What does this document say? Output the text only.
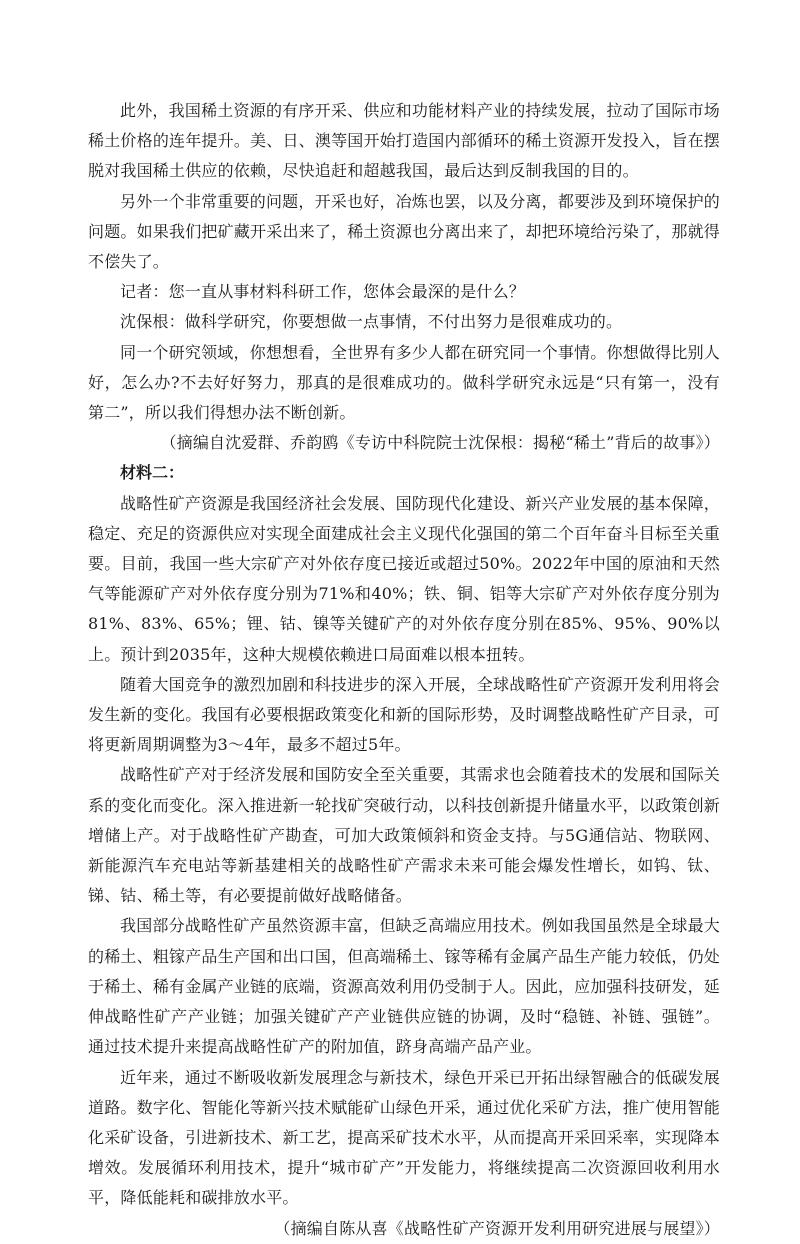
此外，我国稀土资源的有序开采、供应和功能材料产业的持续发展，拉动了国际市场稀土价格的连年提升。美、日、澳等国开始打造国内部循环的稀土资源开发投入，旨在摆脱对我国稀土供应的依赖，尽快追赶和超越我国，最后达到反制我国的目的。

另外一个非常重要的问题，开采也好，冶炼也罢，以及分离，都要涉及到环境保护的问题。如果我们把矿藏开采出来了，稀土资源也分离出来了，却把环境给污染了，那就得不偿失了。

记者：您一直从事材料科研工作，您体会最深的是什么？

沈保根：做科学研究，你要想做一点事情，不付出努力是很难成功的。

同一个研究领域，你想想看，全世界有多少人都在研究同一个事情。你想做得比别人好，怎么办?不去好好努力，那真的是很难成功的。做科学研究永远是“只有第一，没有第二”，所以我们得想办法不断创新。

（摘编自沈爱群、乔韵鸥《专访中科院院士沈保根：揭秘“稀土”背后的故事》）

材料二：

战略性矿产资源是我国经济社会发展、国防现代化建设、新兴产业发展的基本保障，稳定、充足的资源供应对实现全面建成社会主义现代化强国的第二个百年奋斗目标至关重要。目前，我国一些大宗矿产对外依存度已接近或超过50%。2022年中国的原油和天然气等能源矿产对外依存度分别为71%和40%；铁、铜、铝等大宗矿产对外依存度分别为81%、83%、65%；锂、钴、镍等关键矿产的对外依存度分别在85%、95%、90%以上。预计到2035年，这种大规模依赖进口局面难以根本扭转。

随着大国竞争的激烈加剧和科技进步的深入开展，全球战略性矿产资源开发利用将会发生新的变化。我国有必要根据政策变化和新的国际形势，及时调整战略性矿产目录，可将更新周期调整为3～4年，最多不超过5年。

战略性矿产对于经济发展和国防安全至关重要，其需求也会随着技术的发展和国际关系的变化而变化。深入推进新一轮找矿突破行动，以科技创新提升储量水平，以政策创新增储上产。对于战略性矿产勘查，可加大政策倾斜和资金支持。与5G通信站、物联网、新能源汽车充电站等新基建相关的战略性矿产需求未来可能会爆发性增长，如钨、钛、锑、钴、稀土等，有必要提前做好战略储备。

我国部分战略性矿产虽然资源丰富，但缺乏高端应用技术。例如我国虽然是全球最大的稀土、粗镓产品生产国和出口国，但高端稀土、镓等稀有金属产品生产能力较低，仍处于稀土、稀有金属产业链的底端，资源高效利用仍受制于人。因此，应加强科技研发，延伸战略性矿产产业链；加强关键矿产产业链供应链的协调，及时“稳链、补链、强链”。通过技术提升来提高战略性矿产的附加值，跻身高端产品产业。

近年来，通过不断吸收新发展理念与新技术，绿色开采已开拓出绿智融合的低碳发展道路。数字化、智能化等新兴技术赋能矿山绿色开采，通过优化采矿方法，推广使用智能化采矿设备，引进新技术、新工艺，提高采矿技术水平，从而提高开采回采率，实现降本增效。发展循环利用技术，提升“城市矿产”开发能力，将继续提高二次资源回收利用水平，降低能耗和碳排放水平。

（摘编自陈从喜《战略性矿产资源开发利用研究进展与展望》）
